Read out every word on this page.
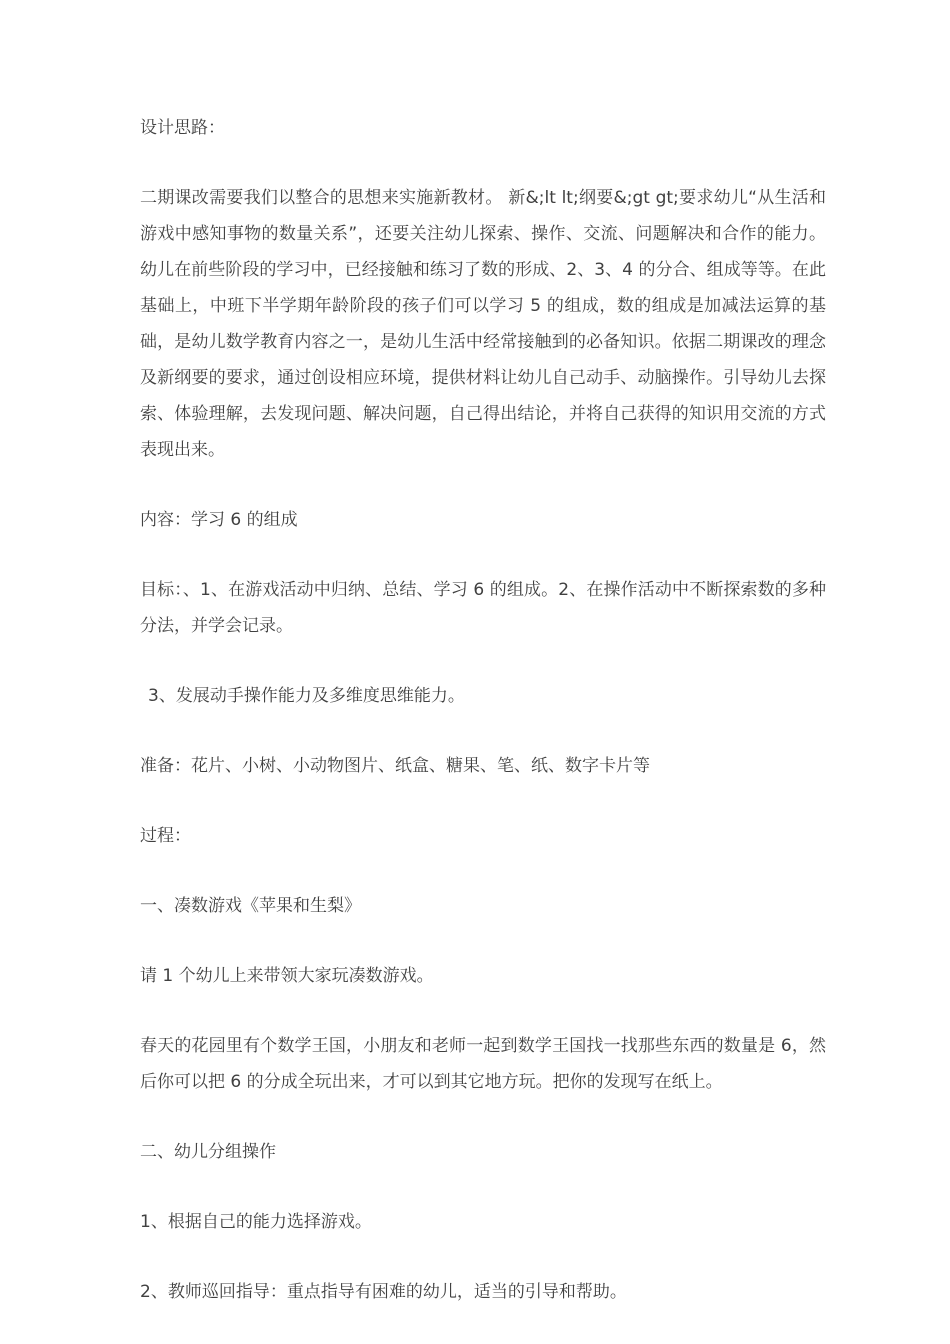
设计思路：

二期课改需要我们以整合的思想来实施新教材。 新&;lt lt;纲要&;gt gt;要求幼儿“从生活和游戏中感知事物的数量关系”，还要关注幼儿探索、操作、交流、问题解决和合作的能力。幼儿在前些阶段的学习中，已经接触和练习了数的形成、2、3、4 的分合、组成等等。在此基础上，中班下半学期年龄阶段的孩子们可以学习 5 的组成，数的组成是加减法运算的基础，是幼儿数学教育内容之一，是幼儿生活中经常接触到的必备知识。依据二期课改的理念及新纲要的要求，通过创设相应环境，提供材料让幼儿自己动手、动脑操作。引导幼儿去探索、体验理解，去发现问题、解决问题，自己得出结论，并将自己获得的知识用交流的方式表现出来。

内容：学习 6 的组成

目标：、1、在游戏活动中归纳、总结、学习 6 的组成。2、在操作活动中不断探索数的多种分法，并学会记录。

3、发展动手操作能力及多维度思维能力。

准备：花片、小树、小动物图片、纸盒、糖果、笔、纸、数字卡片等

过程：

一、凑数游戏《苹果和生梨》

请 1 个幼儿上来带领大家玩凑数游戏。

春天的花园里有个数学王国，小朋友和老师一起到数学王国找一找那些东西的数量是 6，然后你可以把 6 的分成全玩出来，才可以到其它地方玩。把你的发现写在纸上。

二、幼儿分组操作

1、根据自己的能力选择游戏。

2、教师巡回指导：重点指导有困难的幼儿，适当的引导和帮助。
